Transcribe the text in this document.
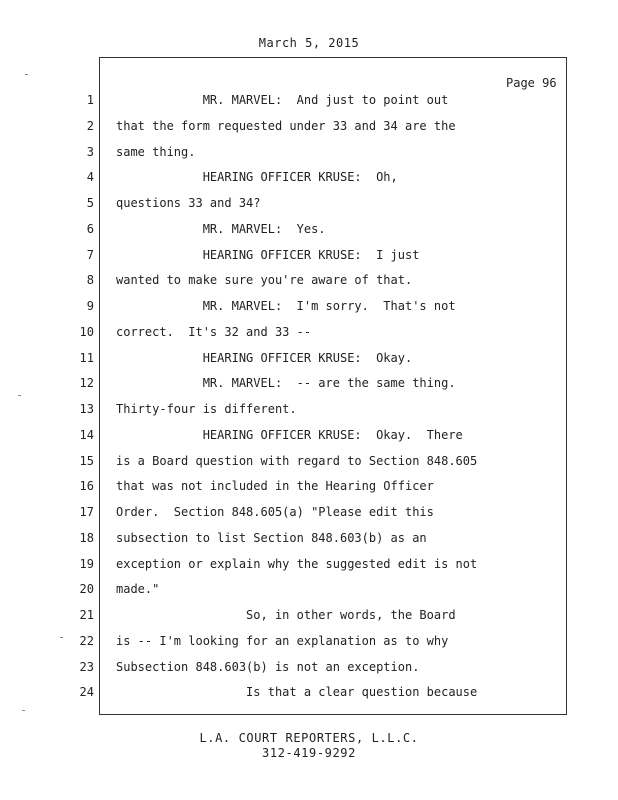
March 5, 2015
Page 96
1 MR. MARVEL:  And just to point out
2 that the form requested under 33 and 34 are the
3 same thing.
4 HEARING OFFICER KRUSE:  Oh,
5 questions 33 and 34?
6 MR. MARVEL:  Yes.
7 HEARING OFFICER KRUSE:  I just
8 wanted to make sure you're aware of that.
9 MR. MARVEL:  I'm sorry.  That's not
10 correct.  It's 32 and 33 --
11 HEARING OFFICER KRUSE:  Okay.
12 MR. MARVEL:  -- are the same thing.
13 Thirty-four is different.
14 HEARING OFFICER KRUSE:  Okay.  There
15 is a Board question with regard to Section 848.605
16 that was not included in the Hearing Officer
17 Order.  Section 848.605(a) "Please edit this
18 subsection to list Section 848.603(b) as an
19 exception or explain why the suggested edit is not
20 made."
21 So, in other words, the Board
22 is -- I'm looking for an explanation as to why
23 Subsection 848.603(b) is not an exception.
24 Is that a clear question because
L.A. COURT REPORTERS, L.L.C.
312-419-9292
